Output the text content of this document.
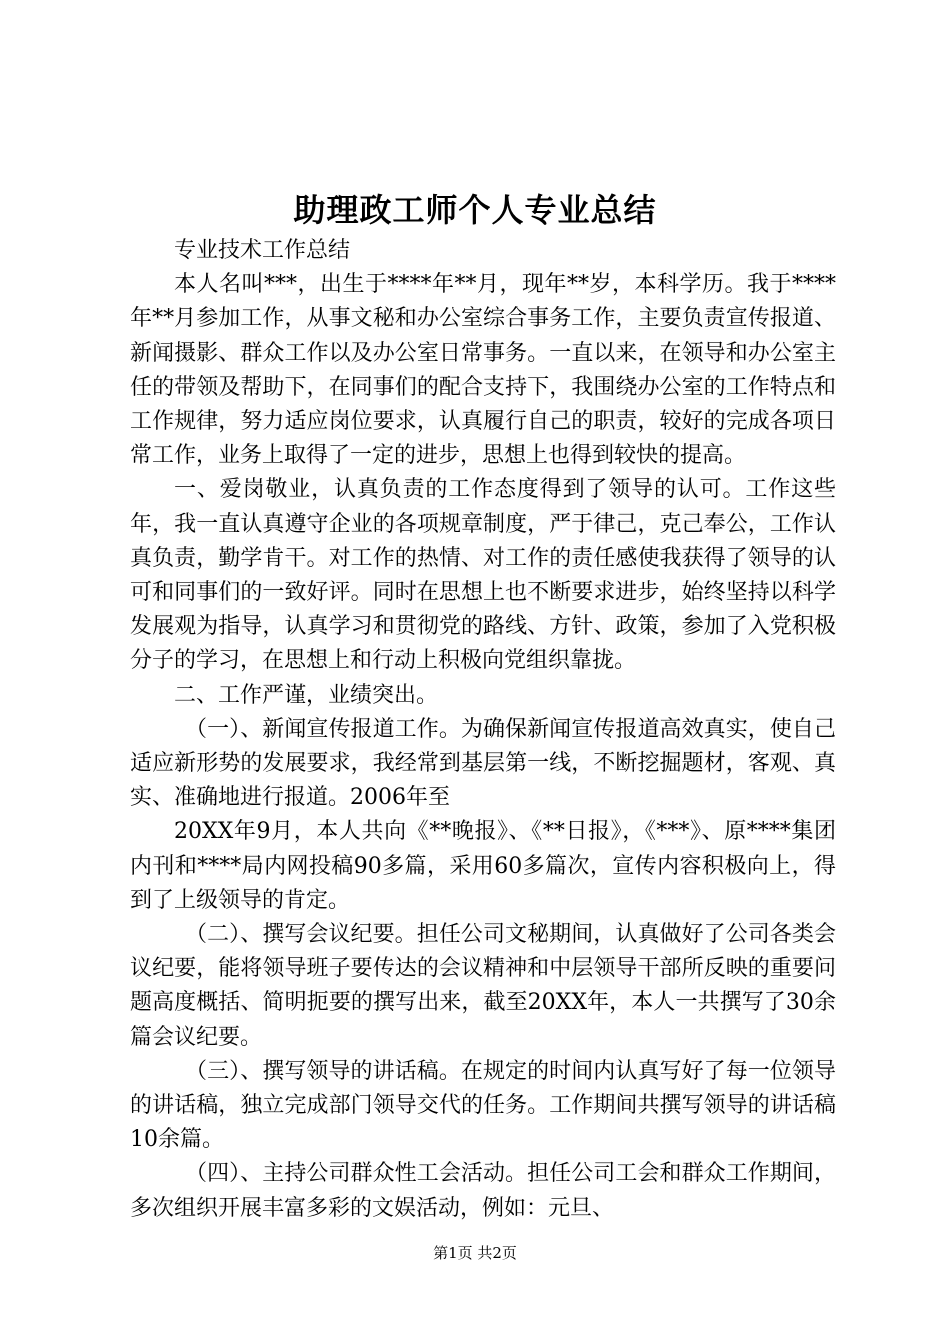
助理政工师个人专业总结

专业技术工作总结

本人名叫***，出生于****年**月，现年**岁，本科学历。我于****年**月参加工作，从事文秘和办公室综合事务工作，主要负责宣传报道、新闻摄影、群众工作以及办公室日常事务。一直以来，在领导和办公室主任的带领及帮助下，在同事们的配合支持下，我围绕办公室的工作特点和工作规律，努力适应岗位要求，认真履行自己的职责，较好的完成各项日常工作，业务上取得了一定的进步，思想上也得到较快的提高。

一、爱岗敬业，认真负责的工作态度得到了领导的认可。工作这些年，我一直认真遵守企业的各项规章制度，严于律己，克己奉公，工作认真负责，勤学肯干。对工作的热情、对工作的责任感使我获得了领导的认可和同事们的一致好评。同时在思想上也不断要求进步，始终坚持以科学发展观为指导，认真学习和贯彻党的路线、方针、政策，参加了入党积极分子的学习，在思想上和行动上积极向党组织靠拢。

二、工作严谨，业绩突出。

（一）、新闻宣传报道工作。为确保新闻宣传报道高效真实，使自己适应新形势的发展要求，我经常到基层第一线，不断挖掘题材，客观、真实、准确地进行报道。2006年至

20XX年9月，本人共向《**晚报》、《**日报》，《***》、原****集团内刊和****局内网投稿90多篇，采用60多篇次，宣传内容积极向上，得到了上级领导的肯定。

（二）、撰写会议纪要。担任公司文秘期间，认真做好了公司各类会议纪要，能将领导班子要传达的会议精神和中层领导干部所反映的重要问题高度概括、简明扼要的撰写出来，截至20XX年，本人一共撰写了30余篇会议纪要。

（三）、撰写领导的讲话稿。在规定的时间内认真写好了每一位领导的讲话稿，独立完成部门领导交代的任务。工作期间共撰写领导的讲话稿10余篇。

（四）、主持公司群众性工会活动。担任公司工会和群众工作期间，多次组织开展丰富多彩的文娱活动，例如：元旦、

第1页 共2页
